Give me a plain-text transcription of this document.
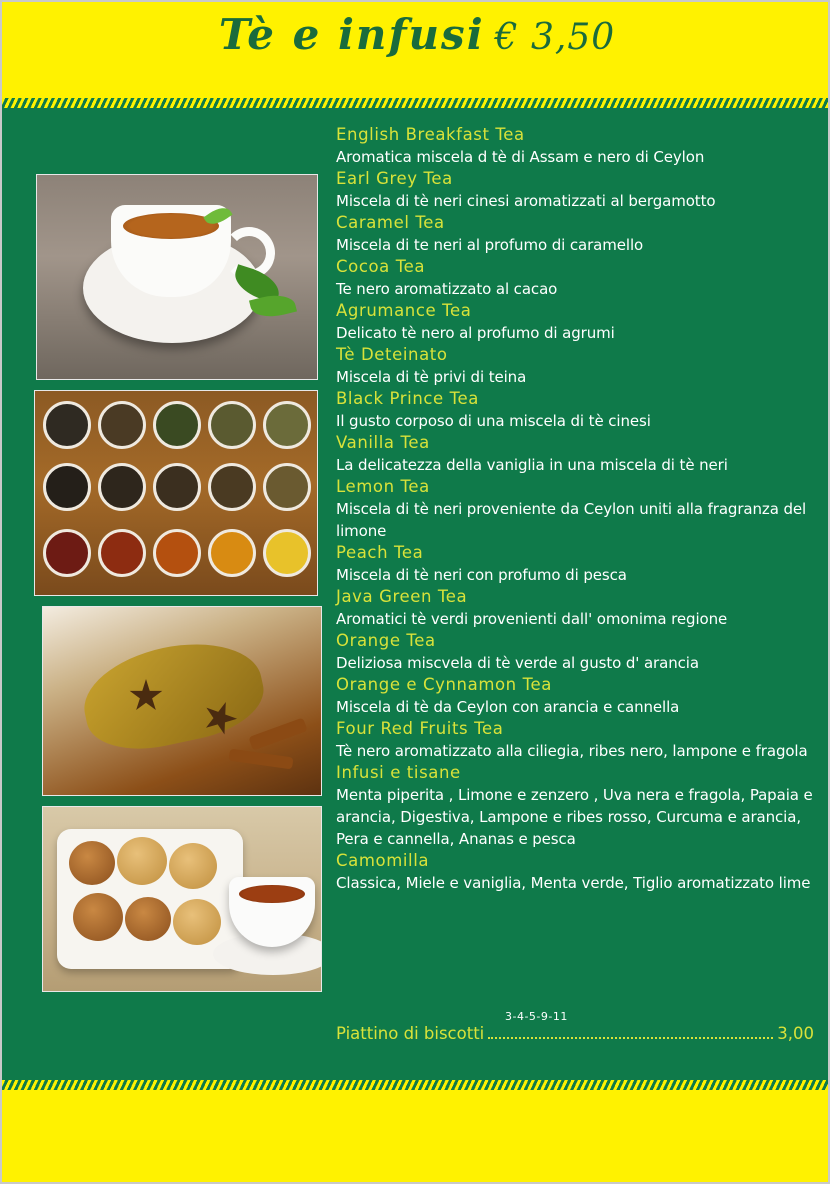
Tè e infusi € 3,50
English Breakfast Tea
Aromatica miscela d tè di Assam e nero di Ceylon
Earl Grey Tea
Miscela di tè neri cinesi aromatizzati al bergamotto
Caramel Tea
Miscela di te neri al profumo di caramello
Cocoa Tea
Te nero aromatizzato al cacao
Agrumance Tea
Delicato tè nero al profumo di agrumi
Tè Deteinato
Miscela di tè privi di teina
Black Prince Tea
Il gusto corposo di una miscela di tè cinesi
Vanilla Tea
La delicatezza della vaniglia in una miscela di tè neri
Lemon Tea
Miscela di tè neri proveniente da Ceylon uniti alla fragranza del limone
Peach Tea
Miscela di tè neri con profumo di pesca
Java Green Tea
Aromatici tè verdi provenienti dall' omonima regione
Orange Tea
Deliziosa miscvela di tè verde al gusto d' arancia
Orange e Cynnamon Tea
Miscela di tè da Ceylon con arancia e cannella
Four Red Fruits Tea
Tè nero aromatizzato alla ciliegia, ribes nero, lampone e fragola
Infusi e tisane
Menta piperita , Limone e zenzero , Uva nera e fragola, Papaia e arancia, Digestiva, Lampone e ribes rosso, Curcuma e arancia, Pera e cannella, Ananas e pesca
Camomilla
Classica, Miele e vaniglia, Menta verde, Tiglio aromatizzato lime
3-4-5-9-11
Piattino di biscotti	3,00
